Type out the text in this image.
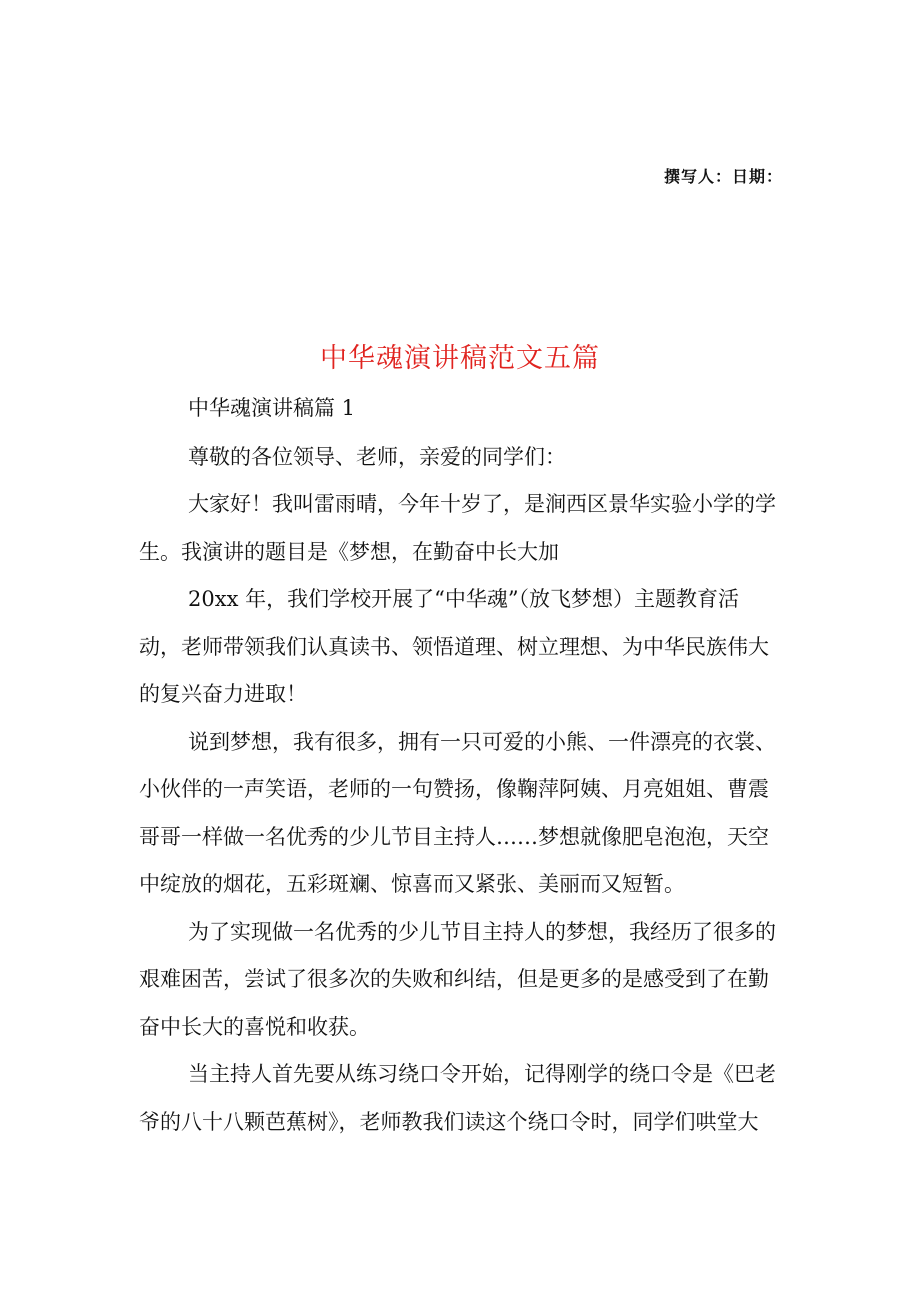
撰写人：日期：
中华魂演讲稿范文五篇
中华魂演讲稿篇 1
尊敬的各位领导、老师，亲爱的同学们：
大家好！我叫雷雨晴，今年十岁了，是涧西区景华实验小学的学
生。我演讲的题目是《梦想，在勤奋中长大加
20xx 年，我们学校开展了“中华魂”（放飞梦想）主题教育活
动，老师带领我们认真读书、领悟道理、树立理想、为中华民族伟大
的复兴奋力进取！
说到梦想，我有很多，拥有一只可爱的小熊、一件漂亮的衣裳、
小伙伴的一声笑语，老师的一句赞扬，像鞠萍阿姨、月亮姐姐、曹震
哥哥一样做一名优秀的少儿节目主持人……梦想就像肥皂泡泡，天空
中绽放的烟花，五彩斑斓、惊喜而又紧张、美丽而又短暂。
为了实现做一名优秀的少儿节目主持人的梦想，我经历了很多的
艰难困苦，尝试了很多次的失败和纠结，但是更多的是感受到了在勤
奋中长大的喜悦和收获。
当主持人首先要从练习绕口令开始，记得刚学的绕口令是《巴老
爷的八十八颗芭蕉树》，老师教我们读这个绕口令时，同学们哄堂大
